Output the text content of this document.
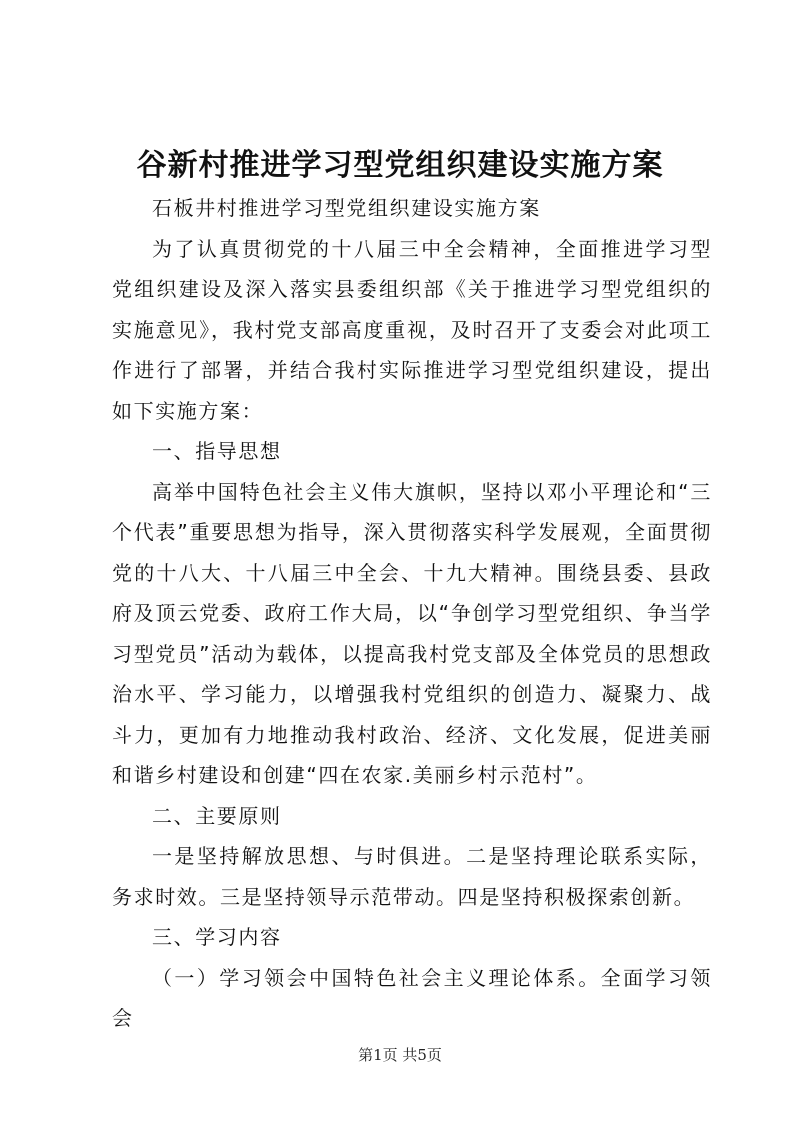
谷新村推进学习型党组织建设实施方案

石板井村推进学习型党组织建设实施方案

为了认真贯彻党的十八届三中全会精神，全面推进学习型党组织建设及深入落实县委组织部《关于推进学习型党组织的实施意见》，我村党支部高度重视，及时召开了支委会对此项工作进行了部署，并结合我村实际推进学习型党组织建设，提出如下实施方案：

一、指导思想

高举中国特色社会主义伟大旗帜，坚持以邓小平理论和“三个代表”重要思想为指导，深入贯彻落实科学发展观，全面贯彻党的十八大、十八届三中全会、十九大精神。围绕县委、县政府及顶云党委、政府工作大局，以“争创学习型党组织、争当学习型党员”活动为载体，以提高我村党支部及全体党员的思想政治水平、学习能力，以增强我村党组织的创造力、凝聚力、战斗力，更加有力地推动我村政治、经济、文化发展，促进美丽和谐乡村建设和创建“四在农家.美丽乡村示范村”。

二、主要原则

一是坚持解放思想、与时俱进。二是坚持理论联系实际，务求时效。三是坚持领导示范带动。四是坚持积极探索创新。

三、学习内容

（一）学习领会中国特色社会主义理论体系。全面学习领会

第1页 共5页
